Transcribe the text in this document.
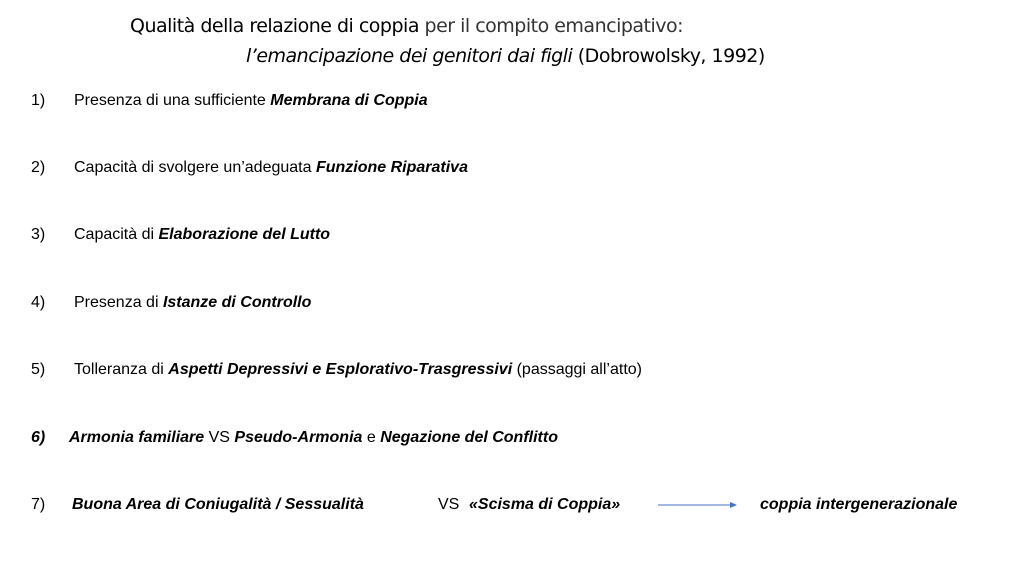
Qualità della relazione di coppia per il compito emancipativo:
l’emancipazione dei genitori dai figli (Dobrowolsky, 1992)
1) Presenza di una sufficiente Membrana di Coppia
2) Capacità di svolgere un’adeguata Funzione Riparativa
3) Capacità di Elaborazione del Lutto
4) Presenza di Istanze di Controllo
5) Tolleranza di Aspetti Depressivi e Esplorativo-Trasgressivi (passaggi all’atto)
6) Armonia familiare VS Pseudo-Armonia e Negazione del Conflitto
7) Buona Area di Coniugalità / Sessualità	VS «Scisma di Coppia»	coppia intergenerazionale
